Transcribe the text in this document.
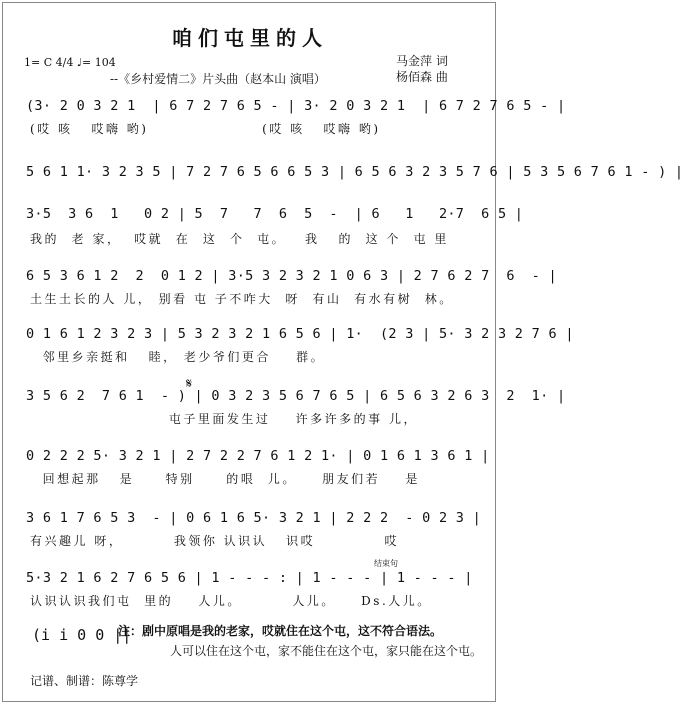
咱们屯里的人
1= C 4/4 ♩= 104
--《乡村爱情二》片头曲（赵本山 演唱）
马金萍 词
杨佰森 曲
(3· 2 0 3 2 1  | 6 7 2 7 6 5 - | 3· 2 0 3 2 1  | 6 7 2 7 6 5 - |
(哎 咳   哎嗨 哟)                  (哎 咳   哎嗨 哟)
5 6 1 1· 3 2 3 5 | 7 2 7 6 5 6 6 5 3 | 6 5 6 3 2 3 5 7 6 | 5 3 5 6 7 6 1 - ) |
3·5  3 6  1   0 2 | 5  7   7  6  5  -  | 6   1   2·7  6 5 |
我的  老 家，  哎就  在  这  个  屯。   我   的  这 个  屯 里
6 5 3 6 1 2  2  0 1 2 | 3·5 3 2 3 2 1 0 6 3 | 2 7 6 2 7  6  - |
土生土长的人 儿， 别看 屯 子不咋大  呀  有山  有水有树  林。
0 1 6 1 2 3 2 3 | 5 3 2 3 2 1 6 5 6 | 1·  (2 3 | 5· 3 2 3 2 7 6 |
邻里乡亲挺和   睦， 老少爷们更合    群。
𝄋
3 5 6 2  7 6 1  - ) | 0 3 2 3 5 6 7 6 5 | 6 5 6 3 2 6 3  2  1· |
屯子里面发生过    许多许多的事 儿，
0 2 2 2 5· 3 2 1 | 2 7 2 2 7 6 1 2 1· | 0 1 6 1 3 6 1 |
回想起那   是     特别     的哏  儿。    朋友们若    是
3 6 1 7 6 5 3  - | 0 6 1 6 5· 3 2 1 | 2 2 2  - 0 2 3 |
有兴趣儿 呀，        我领你 认识认   识哎           哎
结束句
5·3 2 1 6 2 7 6 5 6 | 1 - - - : | 1 - - - | 1 - - - |
认识认识我们屯  里的    人儿。        人儿。    Ds.人儿。
(i i 0 0 ||
注：剧中原唱是我的老家，哎就住在这个屯，这不符合语法。
人可以住在这个屯，家不能住在这个屯，家只能在这个屯。
记谱、制谱：陈尊学
